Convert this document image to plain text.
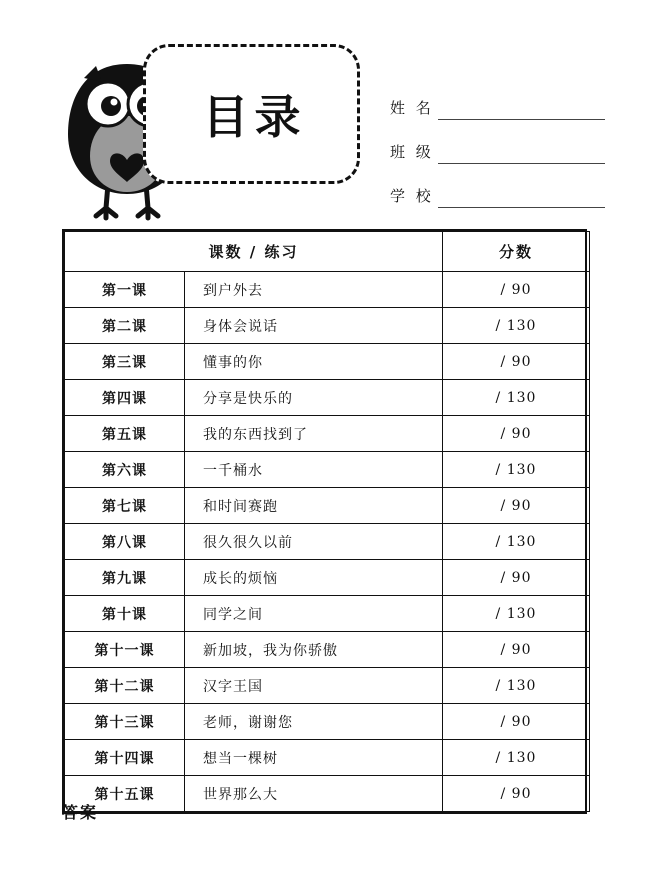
目录	姓 名
班 级
学 校
课数 / 练习		分数
第一课	到户外去	/ 90
第二课	身体会说话	/ 130
第三课	懂事的你	/ 90
第四课	分享是快乐的	/ 130
第五课	我的东西找到了	/ 90
第六课	一千桶水	/ 130
第七课	和时间赛跑	/ 90
第八课	很久很久以前	/ 130
第九课	成长的烦恼	/ 90
第十课	同学之间	/ 130
第十一课	新加坡，我为你骄傲	/ 90
第十二课	汉字王国	/ 130
第十三课	老师，谢谢您	/ 90
第十四课	想当一棵树	/ 130
第十五课	世界那么大	/ 90
答案
